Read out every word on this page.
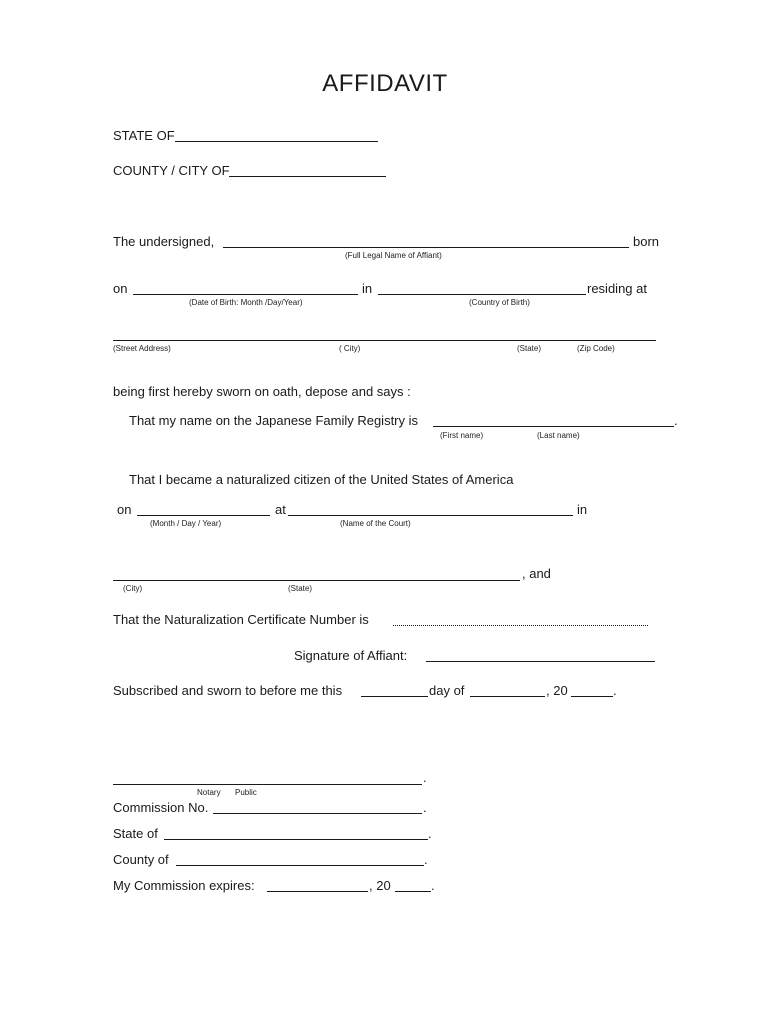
AFFIDAVIT
STATE OF
COUNTY / CITY OF
The undersigned,	born
(Full Legal Name of Affiant)
on	in	residing at
(Date of Birth: Month /Day/Year)	(Country of Birth)
(Street Address)	( City)	(State)	(Zip Code)
being first hereby sworn on oath, depose and says :
That my name on the Japanese Family Registry is	.
(First name)	(Last name)
That I became a naturalized citizen of the United States of America
on	at	in
(Month / Day / Year)	(Name of the Court)
, and
(City)	(State)
That the Naturalization Certificate Number is
Signature of Affiant:
Subscribed and sworn to before me this	day of	, 20	.
.
Notary Public
Commission No.	.
State of	.
County of	.
My Commission expires:	, 20	.
